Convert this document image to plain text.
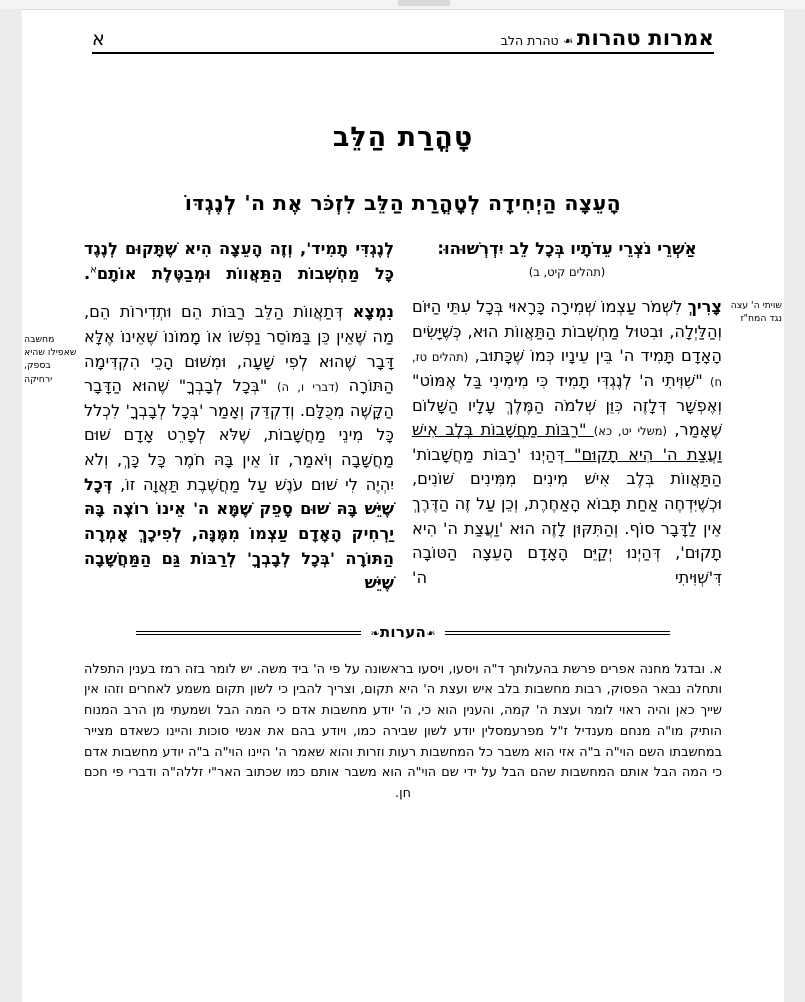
אמרות טהרות❧טהרת הלב
א
טָהֳרַת הַלֵּב
הָעֵצָה הַיְחִידָה לְטָהֳרַת הַלֵּב לִזְכֹּר אֶת ה' לְנֶגְדּוֹ
שויתי ה' עצה נגד המח"ז
מחשבה שאפילו שהיא בספק, ירחיקה
אַשְׁרֵי נֹצְרֵי עֵדֹתָיו בְּכָל לֵב יִדְרְשׁוּהוּ:
(תהלים קיט, ב)

צָרִיךְ לִשְׁמֹר עַצְמוֹ שְׁמִירָה כָּרָאוּי בְּכָל עִתֵּי הַיּוֹם וְהַלַּיְלָה, וּבִטּוּל מַחְשְׁבוֹת הַתַּאֲווֹת הוּא, כְּשֶׁיָּשִׂים הָאָדָם תָּמִיד ה' בֵּין עֵינָיו כְּמוֹ שֶׁכָּתוּב, (תהלים טז, ח) "שִׁוִּיתִי ה' לְנֶגְדִּי תָמִיד כִּי מִימִינִי בַּל אֶמּוֹט" וְאֶפְשָׁר דְּלָזֶה כִּוֵּן שְׁלֹמֹה הַמֶּלֶךְ עָלָיו הַשָּׁלוֹם שֶׁאָמַר, (משלי יט, כא) "רַבּוֹת מַחֲשָׁבוֹת בְּלֶב אִישׁ וַעֲצַת ה' הִיא תָקוּם" דְּהַיְנוּ 'רַבּוֹת מַחֲשָׁבוֹת' הַתַּאֲווֹת בְּלֶב אִישׁ מִינִים מִמִּינִים שׁוֹנִים, וּכְשֶׁיִּדְחֶה אַחַת תָּבוֹא הָאַחֶרֶת, וְכֵן עַל זֶה הַדֶּרֶךְ אֵין לַדָּבָר סוֹף. וְהַתִּקּוּן לָזֶה הוּא 'וַעֲצַת ה' הִיא תָקוּם', דְּהַיְנוּ יְקַיֵּם הָאָדָם הָעֵצָה הַטּוֹבָה דִּ'שְׁוִּיתִי ה'

לְנֶגְדִּי תָמִיד', וְזֶה הָעֵצָה הִיא שֶׁתָּקוּם לְנֶגֶד כָּל מַחְשְׁבוֹת הַתַּאֲווֹת וּמְבַטֶּלֶת אוֹתָם$^א$.

נִמְצָא דְּתַאֲווֹת הַלֵּב רַבּוֹת הֵם וּתְדִירוֹת הֵם, מַה שֶּׁאֵין כֵּן בַּמּוֹסֵר נַפְשׁוֹ אוֹ מָמוֹנוֹ שֶׁאֵינוֹ אֶלָּא דָּבָר שֶׁהוּא לְפִי שָׁעָה, וּמִשּׁוּם הָכֵי הִקְדִּימָה הַתּוֹרָה (דברי ו, ה) "בְּכָל לְבָבְךָ" שֶׁהוּא הַדָּבָר הַקָּשֶׁה מִכֻּלָּם. וְדִקְדֵּק וְאָמַר 'בְּכָל לְבָבְךָ' לִכְלֹל כָּל מִינֵי מַחֲשָׁבוֹת, שֶׁלֹּא לְפָרֵט אָדָם שׁוּם מַחֲשָׁבָה וְיֹאמַר, זוֹ אֵין בָּהּ חֹמֶר כָּל כָּךְ, וְלֹא יִהְיֶה לִי שׁוּם עֹנֶשׁ עַל מַחֲשֶׁבֶת תַּאֲוָה זוֹ, דְּכָל שֶׁיֵּשׁ בָּהּ שׁוּם סָפֵק שֶׁמָּא ה' אֵינוֹ רוֹצֶה בָּהּ יַרְחִיק הָאָדָם עַצְמוֹ מִמֶּנָּה, לְפִיכָךְ אָמְרָה הַתּוֹרָה 'בְּכָל לְבָבְךָ' לְרַבּוֹת גַּם הַמַּחֲשָׁבָה שֶׁיֵּשׁ

❧הערות❧
א. ובדגל מחנה אפרים פרשת בהעלותך ד"ה ויסעו, ויסעו בראשונה על פי ה' ביד משה. יש לומר בזה רמז בענין התפלה ותחלה נבאר הפסוק, רבות מחשבות בלב איש ועצת ה' היא תקום, וצריך להבין כי לשון תקום משמע לאחרים וזהו אין שייך כאן והיה ראוי לומר ועצת ה' קמה, והענין הוא כי, ה' יודע מחשבות אדם כי המה הבל ושמעתי מן הרב המנוח הותיק מו"ה מנחם מענדיל ז"ל מפרעמסלין יודע לשון שבירה כמו, ויודע בהם את אנשי סוכות והיינו כשאדם מצייר במחשבתו השם הוי"ה ב"ה אזי הוא משבר כל המחשבות רעות וזרות והוא שאמר ה' היינו הוי"ה ב"ה יודע מחשבות אדם כי המה הבל אותם המחשבות שהם הבל על ידי שם הוי"ה הוא משבר אותם כמו שכתוב האר"י זללה"ה ודברי פי חכם חן.
